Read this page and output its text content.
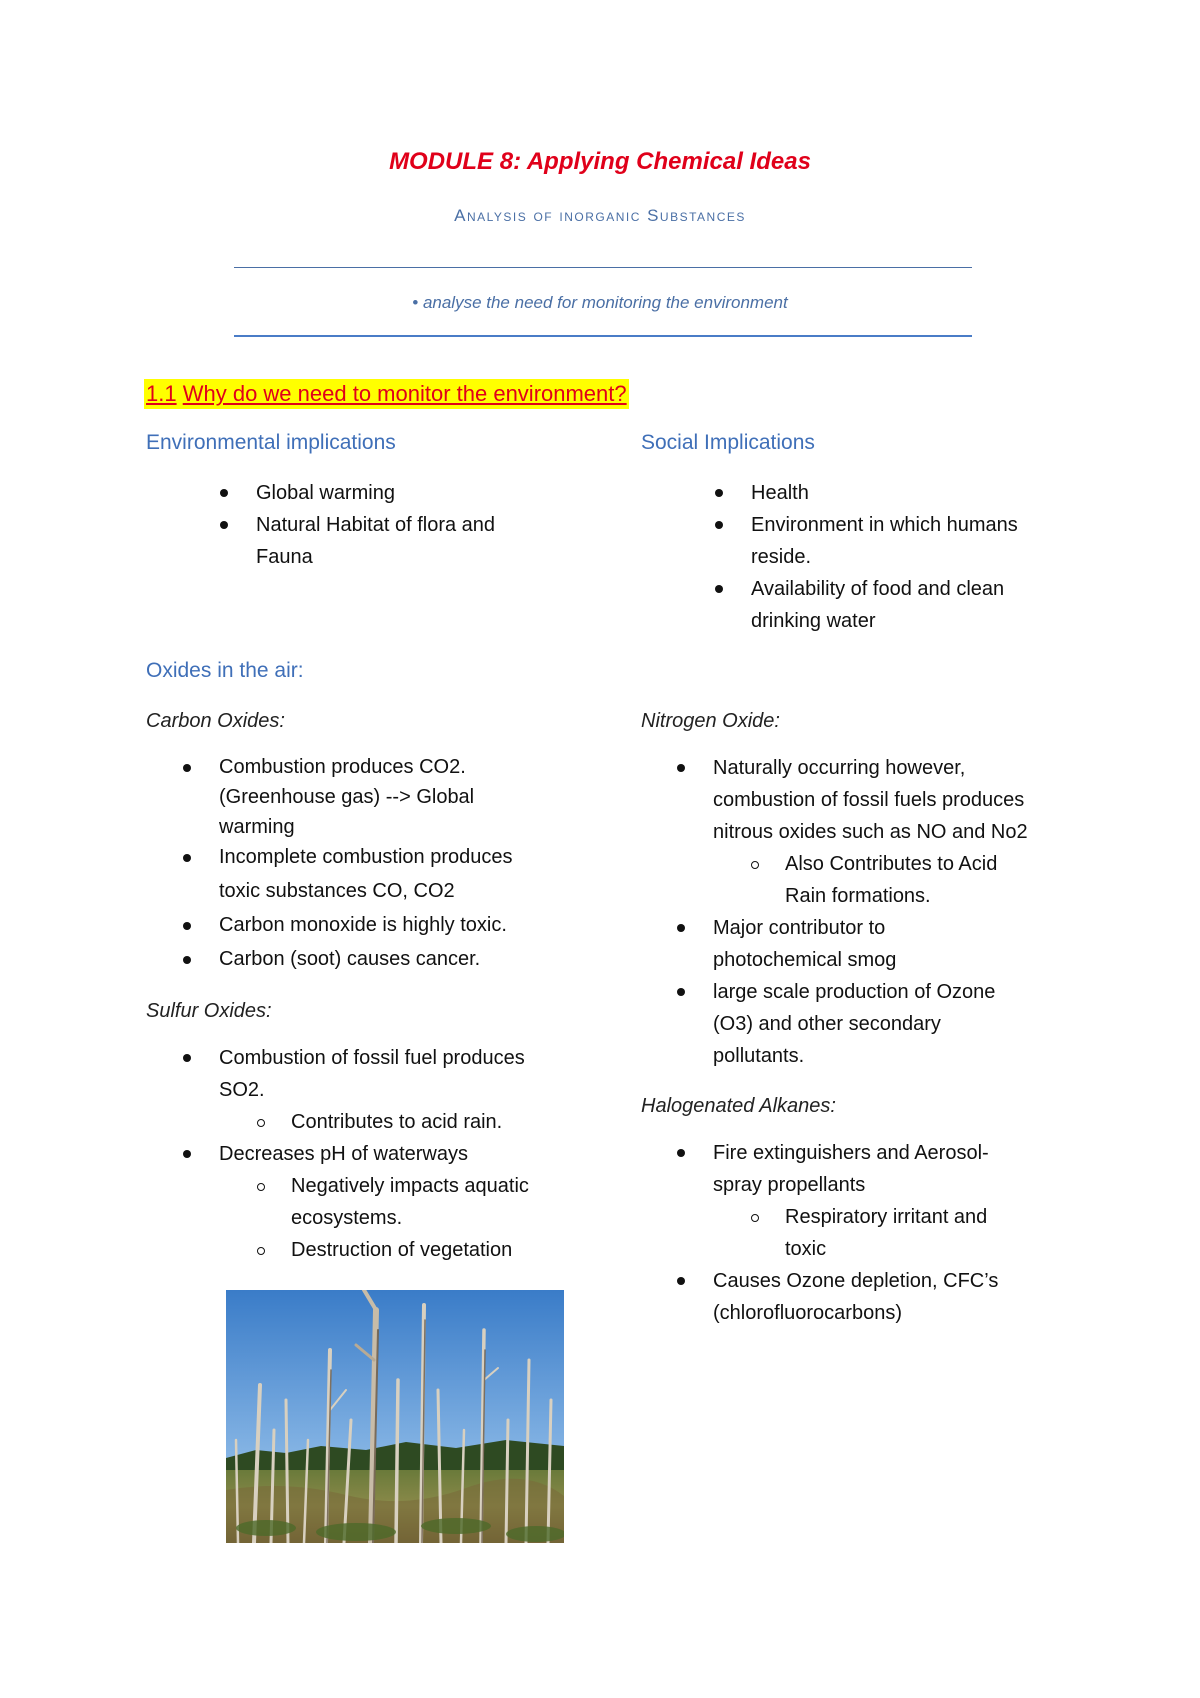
MODULE 8: Applying Chemical Ideas
Analysis of inorganic Substances
• analyse the need for monitoring the environment
1.1 Why do we need to monitor the environment?
Environmental implications
Global warming
Natural Habitat of flora and
Fauna
Social Implications
Health
Environment in which humans
reside.
Availability of food and clean
drinking water
Oxides in the air:
Carbon Oxides:
Combustion produces CO2.
(Greenhouse gas) --> Global
warming
Incomplete combustion produces
toxic substances CO, CO2
Carbon monoxide is highly toxic.
Carbon (soot) causes cancer.
Sulfur Oxides:
Combustion of fossil fuel produces
SO2.
Contributes to acid rain.
Decreases pH of waterways
Negatively impacts aquatic
ecosystems.
Destruction of vegetation
Nitrogen Oxide:
Naturally occurring however,
combustion of fossil fuels produces
nitrous oxides such as NO and No2
Also Contributes to Acid
Rain formations.
Major contributor to
photochemical smog
large scale production of Ozone
(O3) and other secondary
pollutants.
Halogenated Alkanes:
Fire extinguishers and Aerosol-
spray propellants
Respiratory irritant and
toxic
Causes Ozone depletion, CFC’s
(chlorofluorocarbons)
